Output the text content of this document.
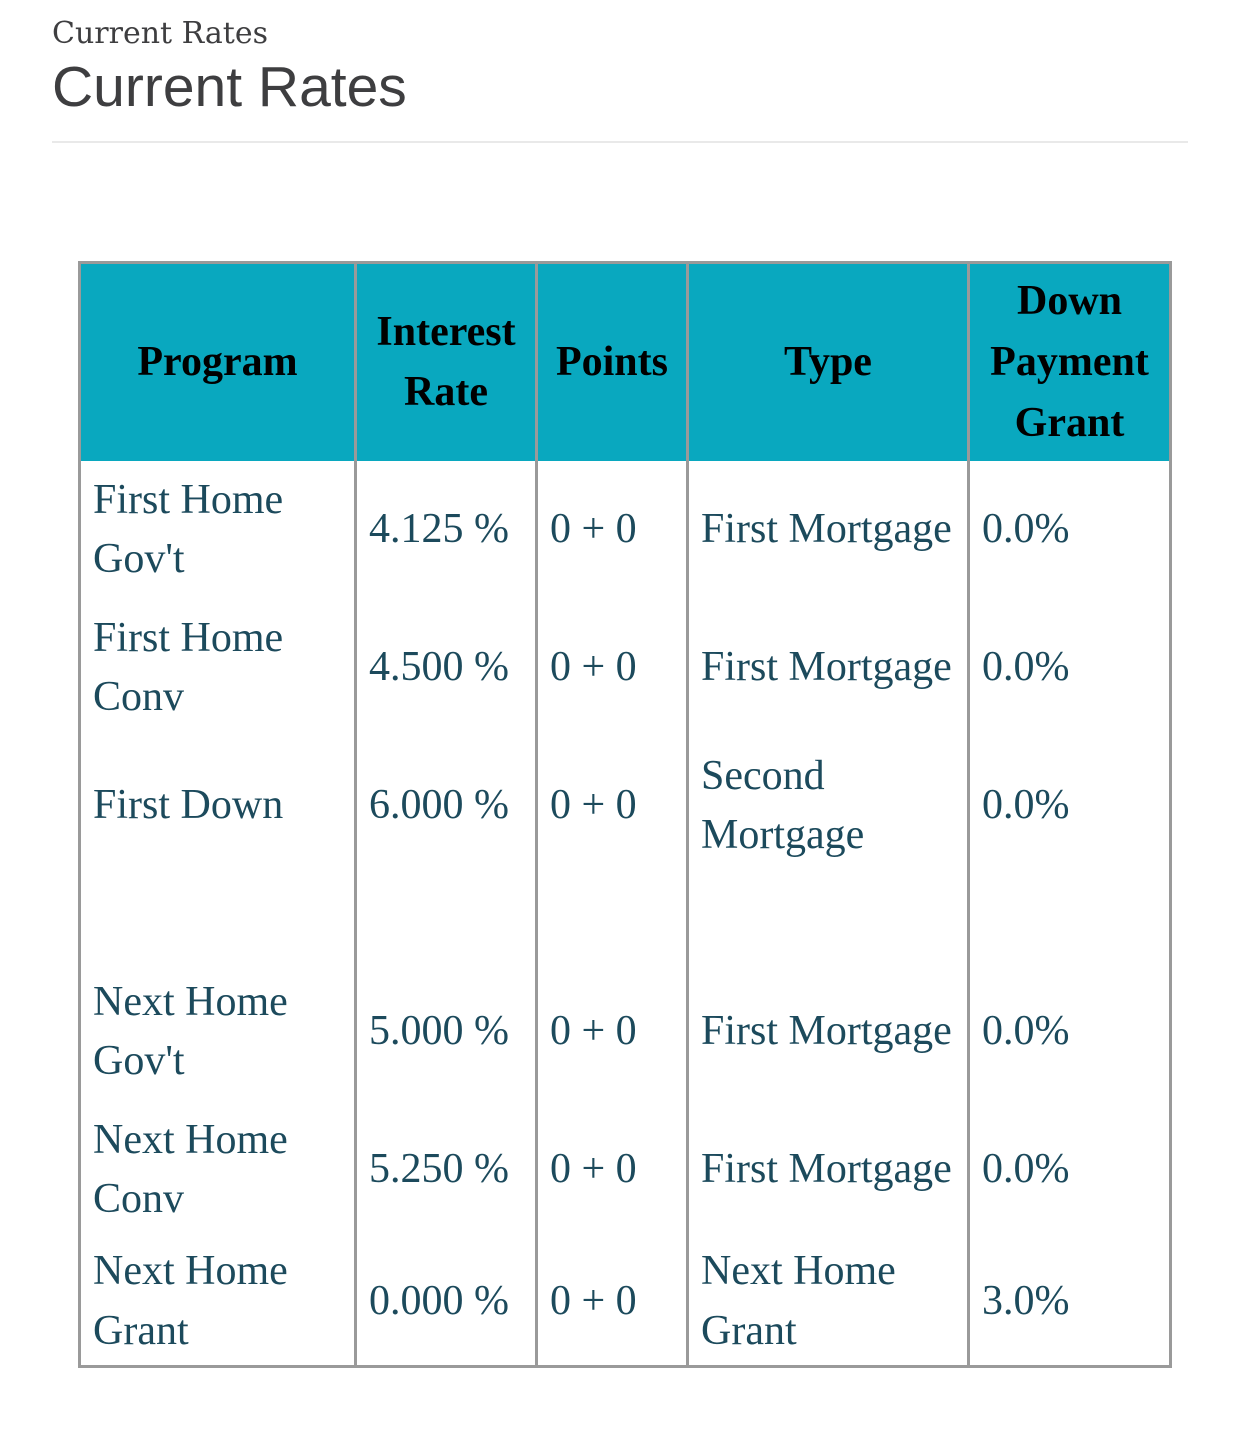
Current Rates
Current Rates
Program	Interest Rate	Points	Type	Down Payment Grant
First Home Gov't	4.125 %	0 + 0	First Mortgage	0.0%
First Home Conv	4.500 %	0 + 0	First Mortgage	0.0%
First Down	6.000 %	0 + 0	Second Mortgage	0.0%

Next Home Gov't	5.000 %	0 + 0	First Mortgage	0.0%
Next Home Conv	5.250 %	0 + 0	First Mortgage	0.0%
Next Home Grant	0.000 %	0 + 0	Next Home Grant	3.0%
